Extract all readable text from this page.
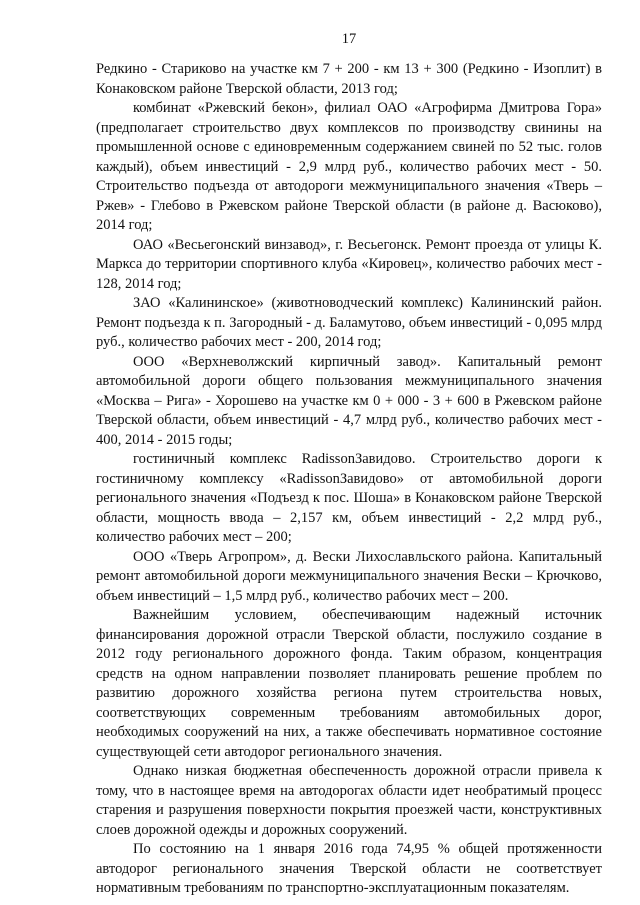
17

Редкино - Стариково на участке км 7 + 200 - км 13 + 300 (Редкино - Изоплит) в Конаковском районе Тверской области, 2013 год;

комбинат «Ржевский бекон», филиал ОАО «Агрофирма Дмитрова Гора» (предполагает строительство двух комплексов по производству свинины на промышленной основе с единовременным содержанием свиней по 52 тыс. голов каждый), объем инвестиций - 2,9 млрд руб., количество рабочих мест - 50. Строительство подъезда от автодороги межмуниципального значения «Тверь – Ржев» - Глебово в Ржевском районе Тверской области (в районе д. Васюково), 2014 год;

ОАО «Весьегонский винзавод», г. Весьегонск. Ремонт проезда от улицы К. Маркса до территории спортивного клуба «Кировец», количество рабочих мест - 128, 2014 год;

ЗАО «Калининское» (животноводческий комплекс) Калининский район. Ремонт подъезда к п. Загородный - д. Баламутово, объем инвестиций - 0,095 млрд руб., количество рабочих мест - 200, 2014 год;

ООО «Верхневолжский кирпичный завод». Капитальный ремонт автомобильной дороги общего пользования межмуниципального значения «Москва – Рига» - Хорошево на участке км 0 + 000 - 3 + 600 в Ржевском районе Тверской области, объем инвестиций - 4,7 млрд руб., количество рабочих мест - 400, 2014 - 2015 годы;

гостиничный комплекс RadissonЗавидово. Строительство дороги к гостиничному комплексу «RadissonЗавидово» от автомобильной дороги регионального значения «Подъезд к пос. Шоша» в Конаковском районе Тверской области, мощность ввода – 2,157 км, объем инвестиций - 2,2 млрд руб., количество рабочих мест – 200;

ООО «Тверь Агропром», д. Вески Лихославльского района. Капитальный ремонт автомобильной дороги межмуниципального значения Вески – Крючково, объем инвестиций – 1,5 млрд руб., количество рабочих мест – 200.

Важнейшим условием, обеспечивающим надежный источник финансирования дорожной отрасли Тверской области, послужило создание в 2012 году регионального дорожного фонда. Таким образом, концентрация средств на одном направлении позволяет планировать решение проблем по развитию дорожного хозяйства региона путем строительства новых, соответствующих современным требованиям автомобильных дорог, необходимых сооружений на них, а также обеспечивать нормативное состояние существующей сети автодорог регионального значения.

Однако низкая бюджетная обеспеченность дорожной отрасли привела к тому, что в настоящее время на автодорогах области идет необратимый процесс старения и разрушения поверхности покрытия проезжей части, конструктивных слоев дорожной одежды и дорожных сооружений.

По состоянию на 1 января 2016 года 74,95 % общей протяженности автодорог регионального значения Тверской области не соответствует нормативным требованиям по транспортно-эксплуатационным показателям.
